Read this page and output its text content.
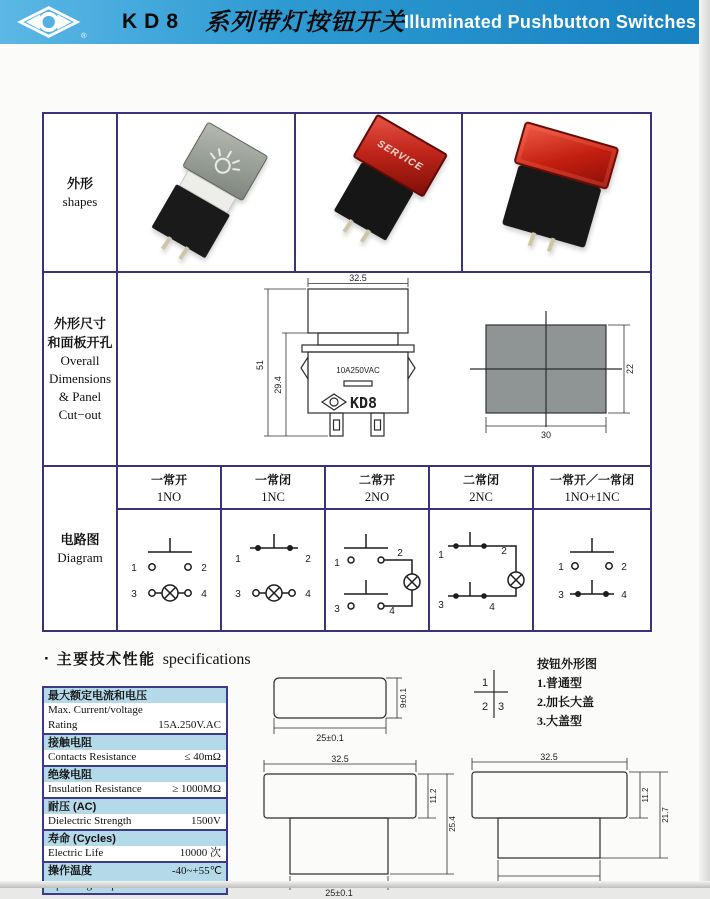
®
KD8 系列带灯按钮开关 Illuminated Pushbutton Switches
外形
shapes
SERVICE
外形尺寸
和面板开孔
Overall
Dimensions
& Panel
Cut−out
10A250VAC
KD8
32.5
51
29.4
22
30
电路图
Diagram
一常开
1NO
一常闭
1NC
二常开
2NO
二常闭
2NC
一常开／一常闭
1NO+1NC
1	2
3	4
1	2
3	4
1
2
3	4
1	2
3	4
1	2
3	4
· 主要技术性能 specifications
最大额定电流和电压
Max. Current/voltage
Rating	15A.250V.AC
接触电阻
Contacts Resistance	≤ 40mΩ
绝缘电阻
Insulation Resistance	≥ 1000MΩ
耐压 (AC)
Dielectric Strength	1500V
寿命 (Cycles)
Electric Life	10000 次
操作温度	-40~+55℃
9±0.1
25±0.1
1
2 3
按钮外形图
1.普通型
2.加长大盖
3.大盖型
32.5
11.2
25.4
25±0.1
32.5
11.2
21.7
